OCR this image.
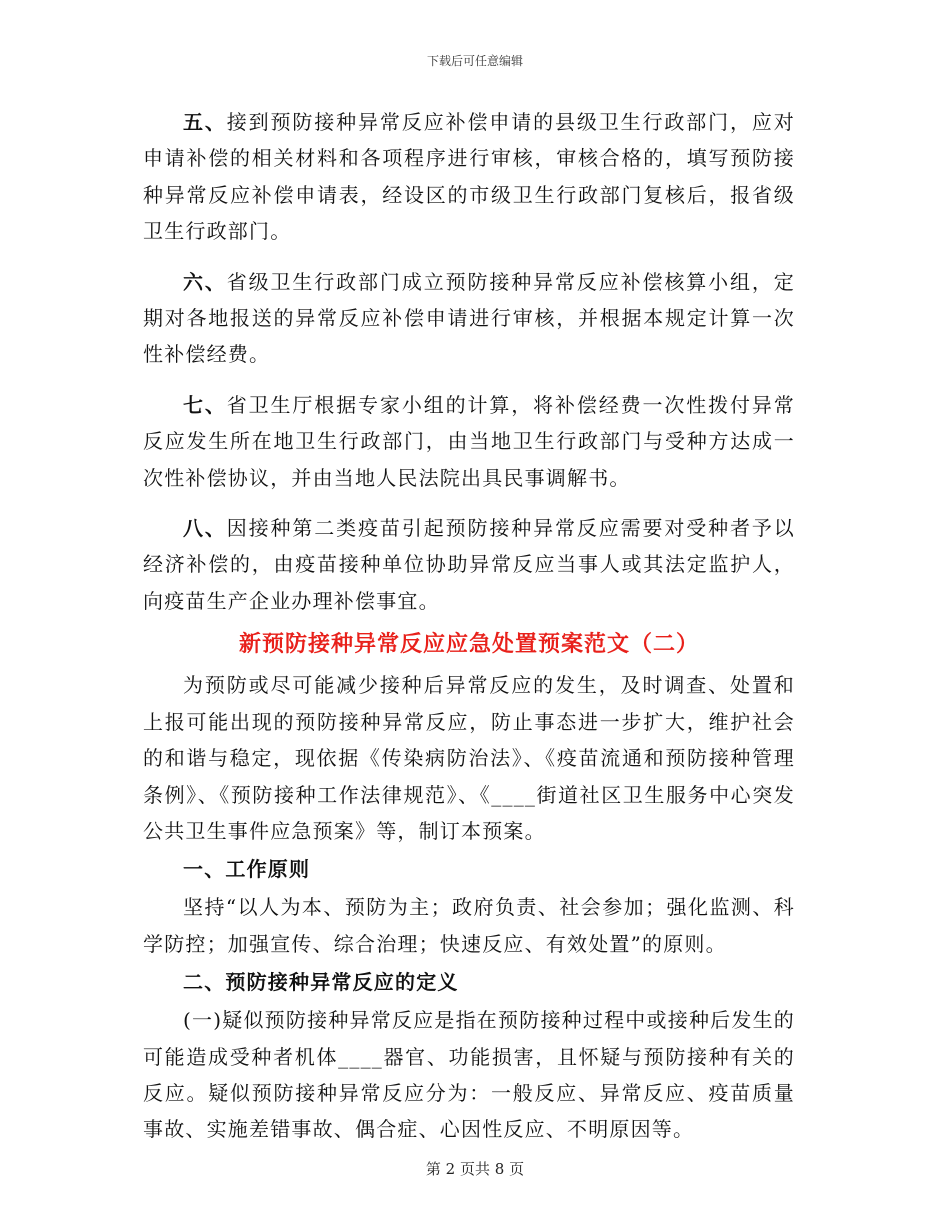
下载后可任意编辑

五、接到预防接种异常反应补偿申请的县级卫生行政部门，应对申请补偿的相关材料和各项程序进行审核，审核合格的，填写预防接种异常反应补偿申请表，经设区的市级卫生行政部门复核后，报省级卫生行政部门。

六、省级卫生行政部门成立预防接种异常反应补偿核算小组，定期对各地报送的异常反应补偿申请进行审核，并根据本规定计算一次性补偿经费。

七、省卫生厅根据专家小组的计算，将补偿经费一次性拨付异常反应发生所在地卫生行政部门，由当地卫生行政部门与受种方达成一次性补偿协议，并由当地人民法院出具民事调解书。

八、因接种第二类疫苗引起预防接种异常反应需要对受种者予以经济补偿的，由疫苗接种单位协助异常反应当事人或其法定监护人，向疫苗生产企业办理补偿事宜。

新预防接种异常反应应急处置预案范文（二）

为预防或尽可能减少接种后异常反应的发生，及时调查、处置和上报可能出现的预防接种异常反应，防止事态进一步扩大，维护社会的和谐与稳定，现依据《传染病防治法》、《疫苗流通和预防接种管理条例》、《预防接种工作法律规范》、《____街道社区卫生服务中心突发公共卫生事件应急预案》等，制订本预案。

一、工作原则

坚持“以人为本、预防为主；政府负责、社会参加；强化监测、科学防控；加强宣传、综合治理；快速反应、有效处置”的原则。

二、预防接种异常反应的定义

(一)疑似预防接种异常反应是指在预防接种过程中或接种后发生的可能造成受种者机体____器官、功能损害，且怀疑与预防接种有关的反应。疑似预防接种异常反应分为：一般反应、异常反应、疫苗质量事故、实施差错事故、偶合症、心因性反应、不明原因等。

第 2 页共 8 页
